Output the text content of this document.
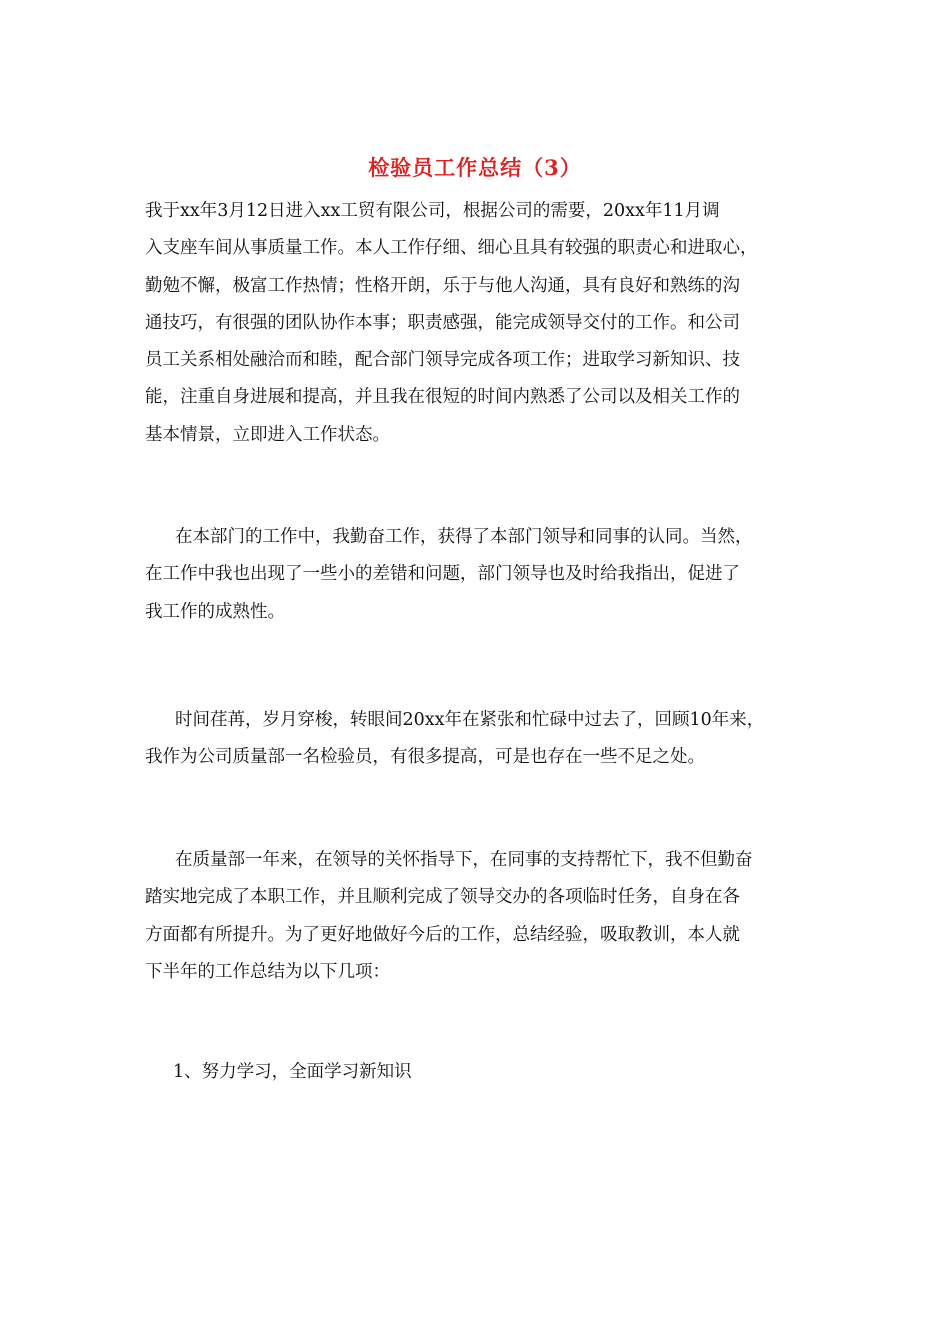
检验员工作总结（3）
我于xx年3月12日进入xx工贸有限公司，根据公司的需要，20xx年11月调
入支座车间从事质量工作。本人工作仔细、细心且具有较强的职责心和进取心，
勤勉不懈，极富工作热情；性格开朗，乐于与他人沟通，具有良好和熟练的沟
通技巧，有很强的团队协作本事；职责感强，能完成领导交付的工作。和公司
员工关系相处融洽而和睦，配合部门领导完成各项工作；进取学习新知识、技
能，注重自身进展和提高，并且我在很短的时间内熟悉了公司以及相关工作的
基本情景，立即进入工作状态。
在本部门的工作中，我勤奋工作，获得了本部门领导和同事的认同。当然，
在工作中我也出现了一些小的差错和问题，部门领导也及时给我指出，促进了
我工作的成熟性。
时间荏苒，岁月穿梭，转眼间20xx年在紧张和忙碌中过去了，回顾10年来，
我作为公司质量部一名检验员，有很多提高，可是也存在一些不足之处。
在质量部一年来，在领导的关怀指导下，在同事的支持帮忙下，我不但勤奋
踏实地完成了本职工作，并且顺利完成了领导交办的各项临时任务，自身在各
方面都有所提升。为了更好地做好今后的工作，总结经验，吸取教训，本人就
下半年的工作总结为以下几项：

1、努力学习，全面学习新知识
